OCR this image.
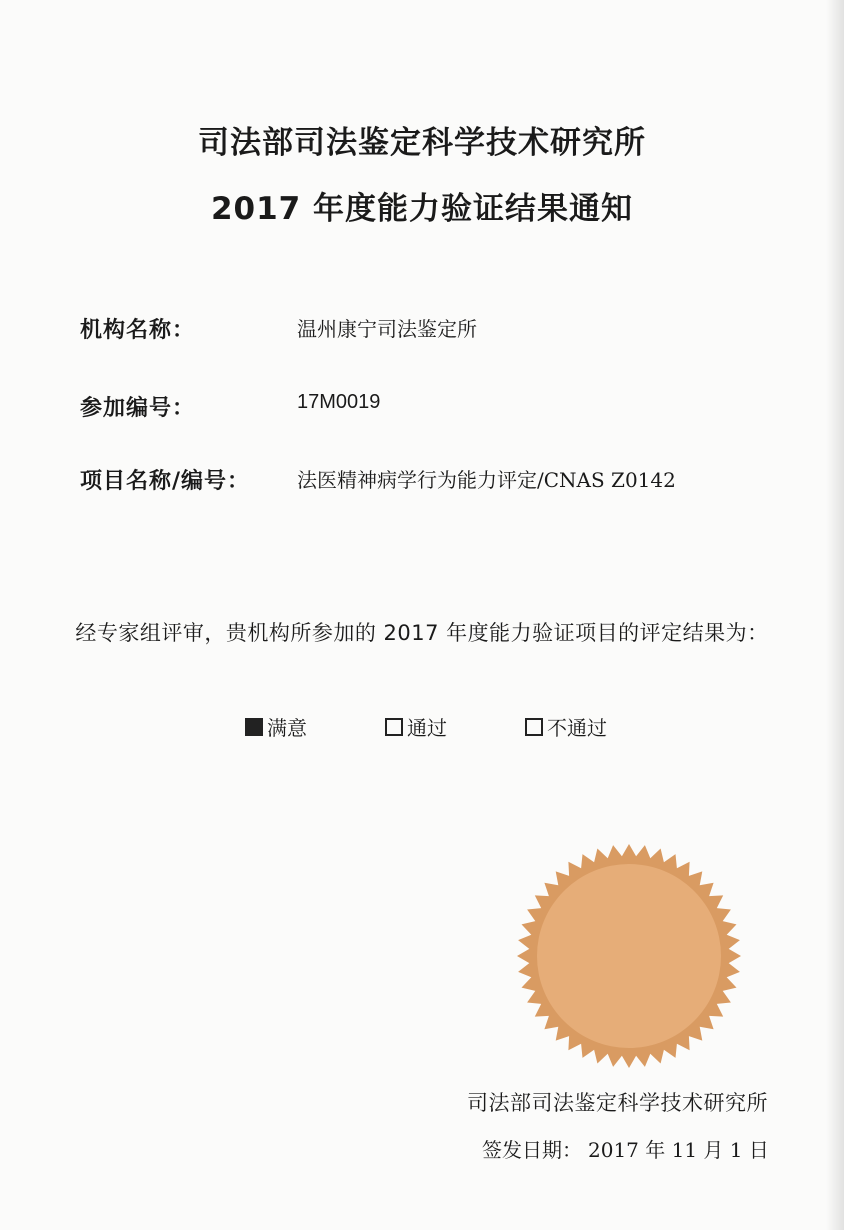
司法部司法鉴定科学技术研究所
2017 年度能力验证结果通知
机构名称：	温州康宁司法鉴定所
参加编号：	17M0019
项目名称/编号： 法医精神病学行为能力评定/CNAS Z0142
经专家组评审，贵机构所参加的 2017 年度能力验证项目的评定结果为：
满意	通过	不通过
司法部司法鉴定科学技术研究所
签发日期： 2017 年 11 月 1 日
